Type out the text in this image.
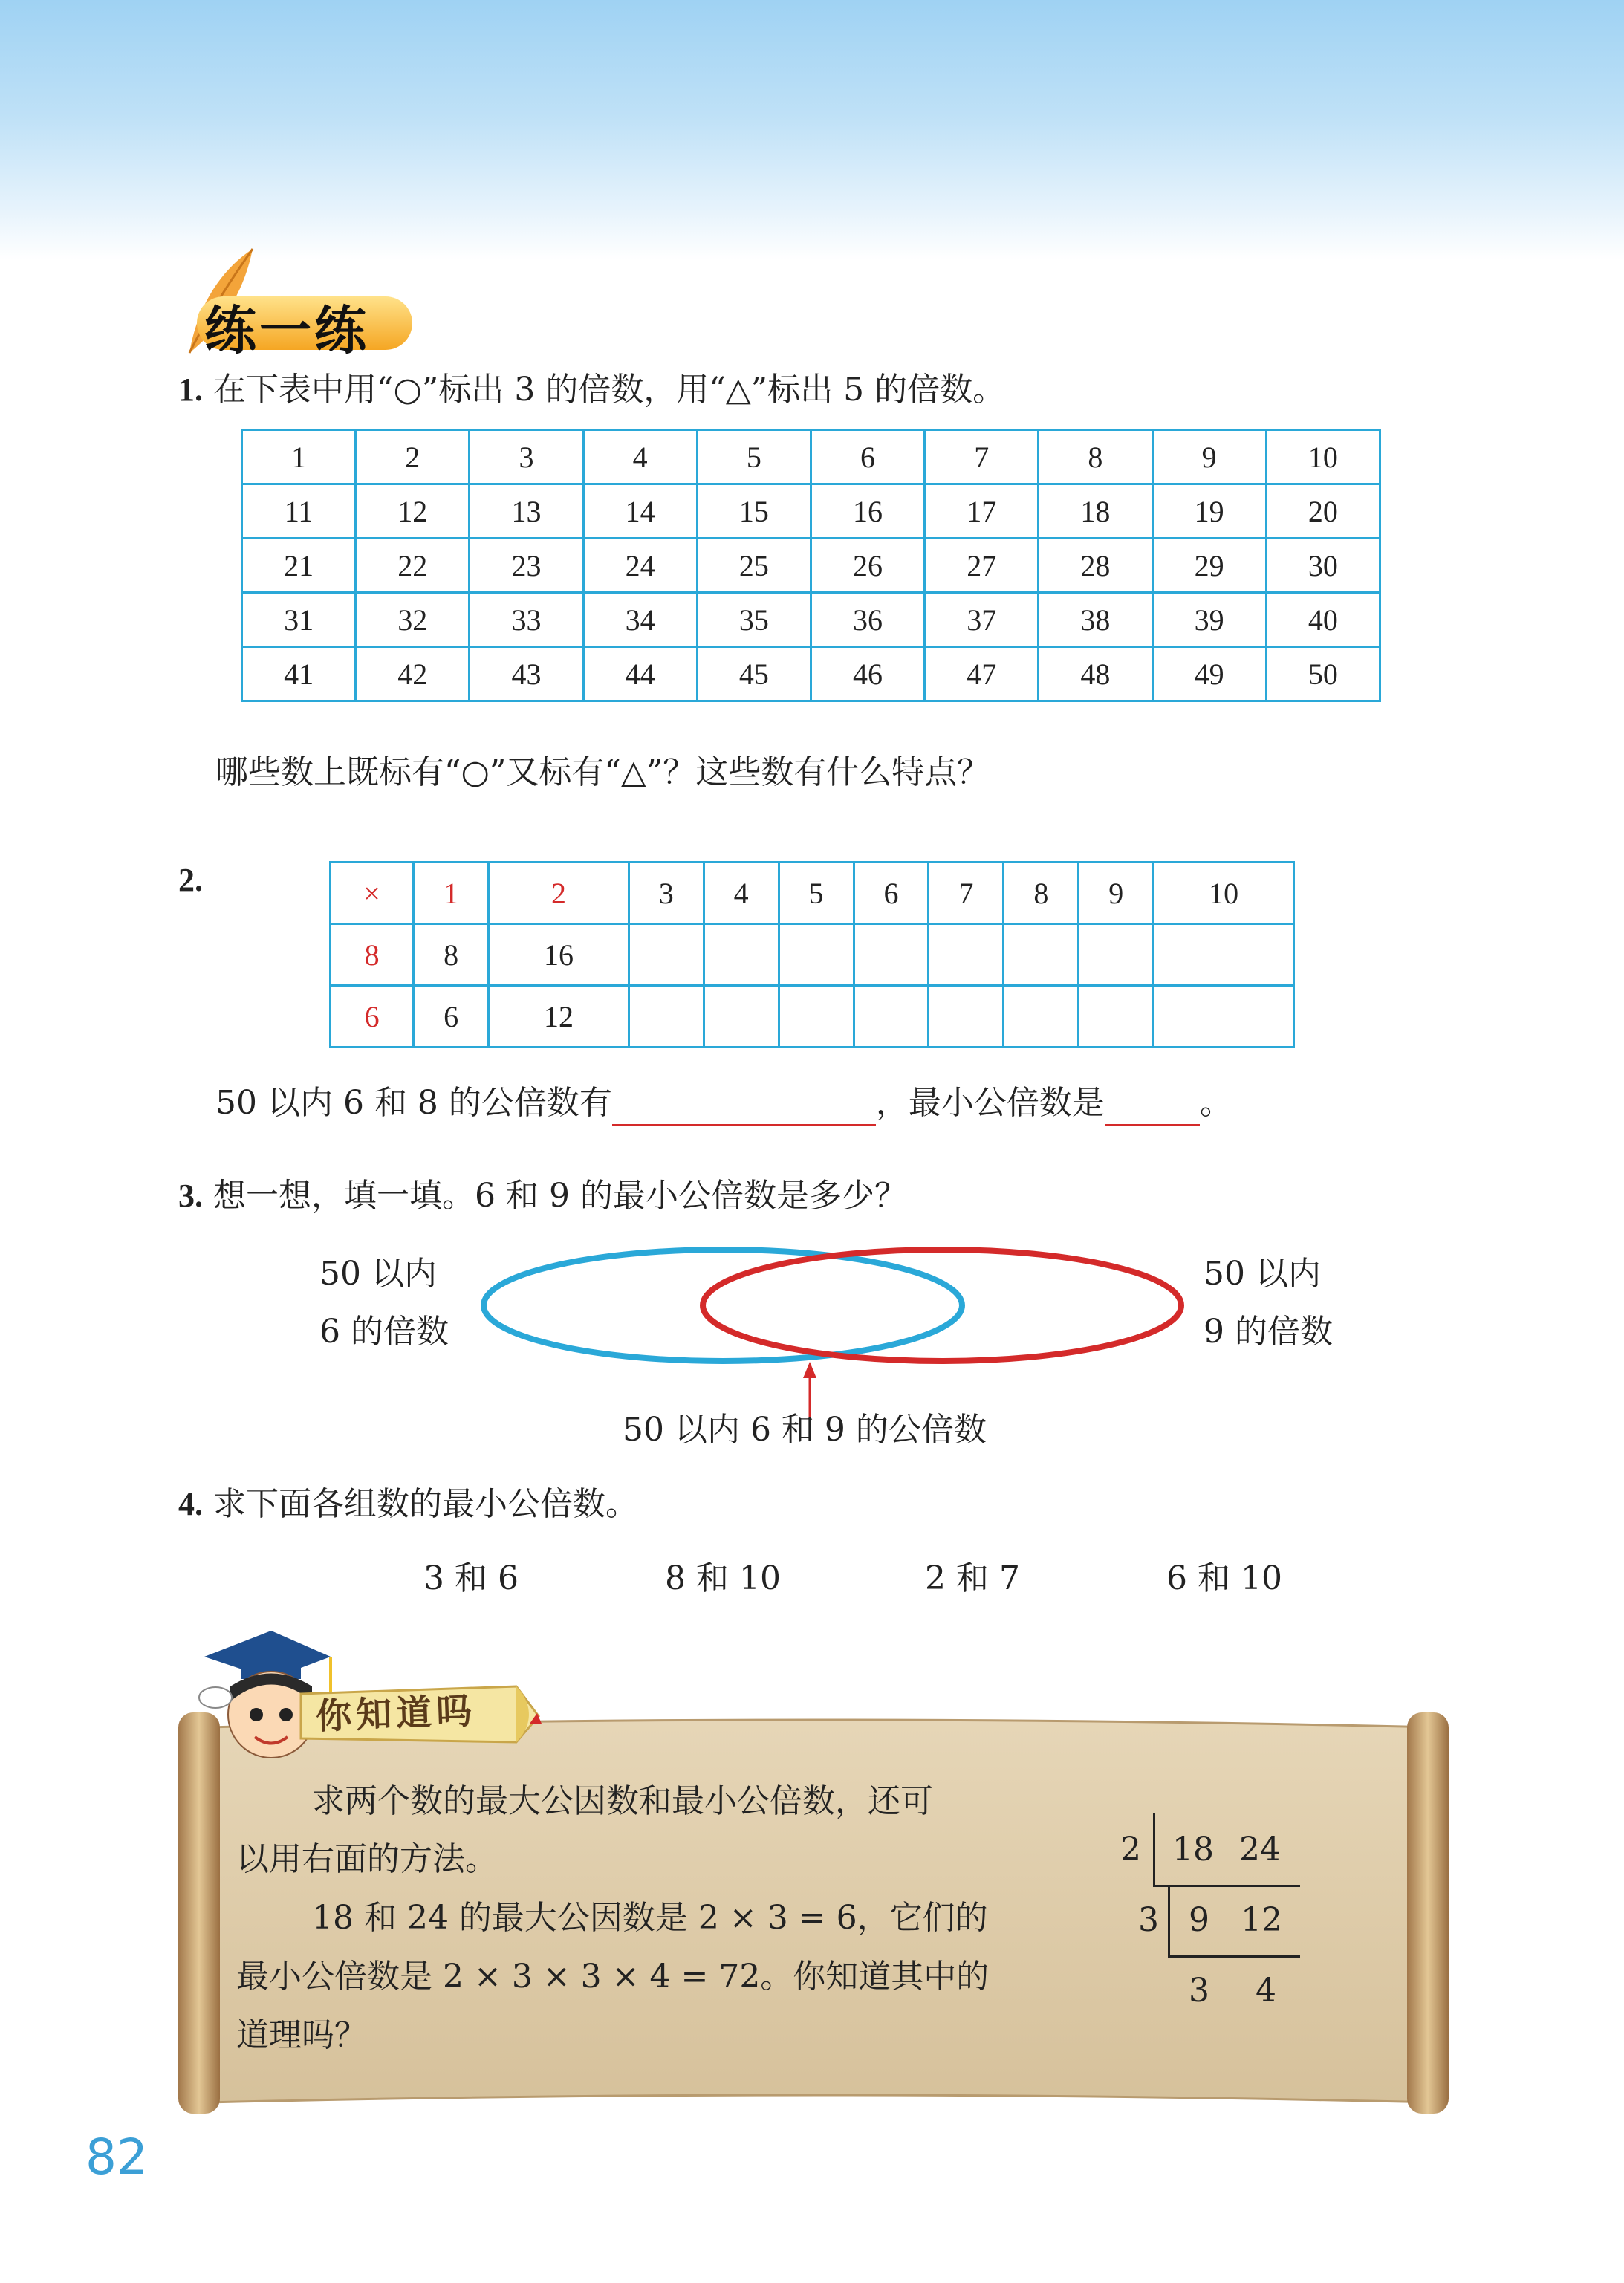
练一练
1. 在下表中用“○”标出 3 的倍数，用“△”标出 5 的倍数。
1	2	3	4	5	6	7	8	9	10
11	12	13	14	15	16	17	18	19	20
21	22	23	24	25	26	27	28	29	30
31	32	33	34	35	36	37	38	39	40
41	42	43	44	45	46	47	48	49	50
哪些数上既标有“○”又标有“△”？这些数有什么特点？
2.	×	1	2	3	4	5	6	7	8	9	10
8	8	16								
6	6	12								
50 以内 6 和 8 的公倍数有	，最小公倍数是	。
3. 想一想，填一填。6 和 9 的最小公倍数是多少？
50 以内
6 的倍数
50 以内
9 的倍数
50 以内 6 和 9 的公倍数
4. 求下面各组数的最小公倍数。
3 和 6	8 和 10	2 和 7	6 和 10
你知道吗
求两个数的最大公因数和最小公倍数，还可
以用右面的方法。
18 和 24 的最大公因数是 2 × 3 = 6，它们的
最小公倍数是 2 × 3 × 3 × 4 = 72。你知道其中的
道理吗？
2 18 24
3 9 12
3 4
82
